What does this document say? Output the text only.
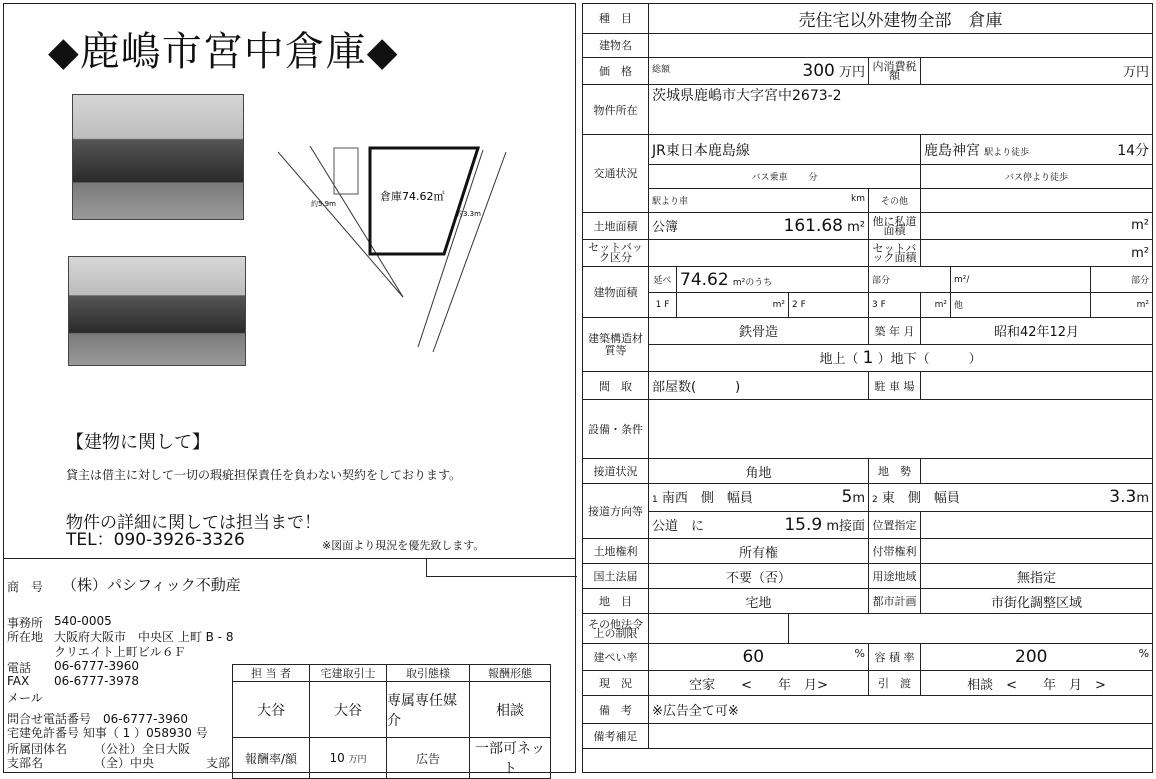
◆鹿嶋市宮中倉庫◆
倉庫74.62㎡
約5.9m
約3.3m
【建物に関して】
貸主は借主に対して一切の瑕疵担保責任を負わない契約をしております。
物件の詳細に関しては担当まで！
TEL：090-3926-3326	※図面より現況を優先致します。
商　号 （株）パシフィック不動産
事務所 540-0005
所在地 大阪府大阪市　中央区 上町 B - 8
クリエイト上町ビル６Ｆ
電話 06-6777-3960
FAX 06-6777-3978
メール
問合せ電話番号　06-6777-3960
宅建免許番号 知事（ 1 ）058930 号
所属団体名 （公社）全日大阪
支部名	（全）中央	支部
担 当 者	宅建取引士	取引態様	報酬形態
大谷	大谷	専属専任媒介	相談
報酬率/額	10 万円	広告	一部可ネット
種　目	売住宅以外建物全部　倉庫						
建物名							
価　格	総額 300 万円			内消費税額	万円		
物件所在	茨城県鹿嶋市大字宮中2673-2						
交通状況	JR東日本鹿島線				鹿島神宮 駅より徒歩 14分		

	バス乗車　　 分				バス停より徒歩		
	駅より車 km			その他			
土地面積	公簿 161.68 m²			他に私道面積	m²		
セットバック区分				セットバック面積	m²		
建物面積	延べ	74.62 m²のうち		部分		m²/	部分
	1 F	m²	2 F	3 F	m²	他	m²
建築構造材質等	鉄骨造			築 年 月	昭和42年12月		
	地上（ 1 ）地下（　　　）						
間　取	部屋数(　　　)			駐 車 場			
設備・条件							
接道状況	角地			地　勢			
接道方向等	1 南西　側　幅員 5m			2 東　側　幅員 3.3m			

	公道　に 15.9 m接面			位置指定			
土地権利	所有権			付帯権利			
国土法届	不要（否）			用途地域	無指定		
地　目	宅地			都市計画	市街化調整区域		
その他法令上の制限							
建ぺい率	60 %			容 積 率	200 %		

現　況	空家　　<　　年　月>			引　渡	相談　<　　年　月　>		
備　考	※広告全て可※						
備考補足							
